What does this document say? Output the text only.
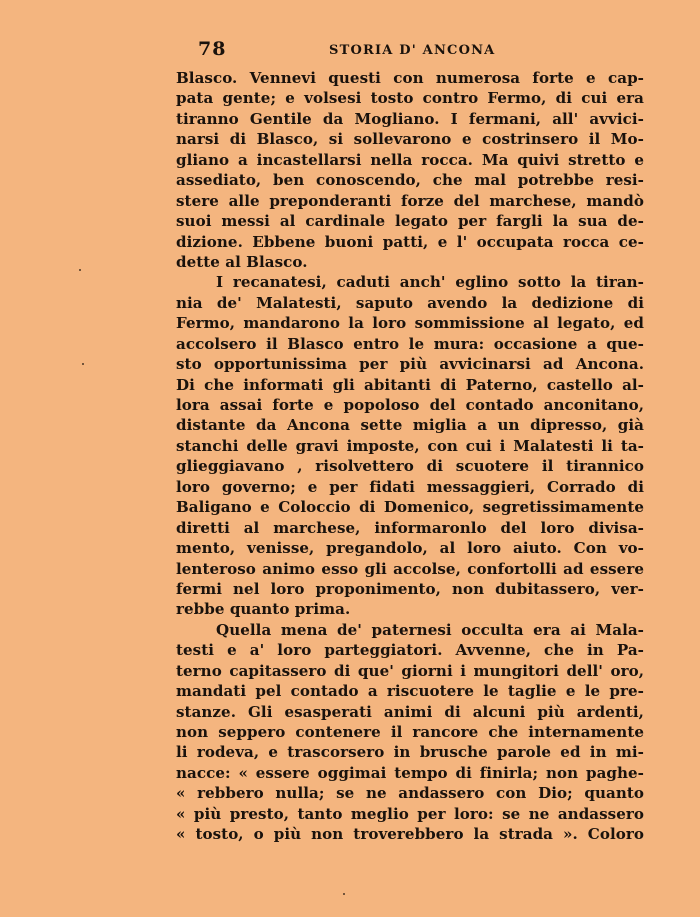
78	STORIA D' ANCONA
Blasco. Vennevi questi con numerosa forte e cap-
pata gente; e volsesi tosto contro Fermo, di cui era
tiranno Gentile da Mogliano. I fermani, all' avvici-
narsi di Blasco, si sollevarono e costrinsero il Mo-
gliano a incastellarsi nella rocca. Ma quivi stretto e
assediato, ben conoscendo, che mal potrebbe resi-
stere alle preponderanti forze del marchese, mandò
suoi messi al cardinale legato per fargli la sua de-
dizione. Ebbene buoni patti, e l' occupata rocca ce-
dette al Blasco.
I recanatesi, caduti anch' eglino sotto la tiran-
nia de' Malatesti, saputo avendo la dedizione di
Fermo, mandarono la loro sommissione al legato, ed
accolsero il Blasco entro le mura: occasione a que-
sto opportunissima per più avvicinarsi ad Ancona.
Di che informati gli abitanti di Paterno, castello al-
lora assai forte e popoloso del contado anconitano,
distante da Ancona sette miglia a un dipresso, già
stanchi delle gravi imposte, con cui i Malatesti li ta-
glieggiavano , risolvettero di scuotere il tirannico
loro governo; e per fidati messaggieri, Corrado di
Baligano e Coloccio di Domenico, segretissimamente
diretti al marchese, informaronlo del loro divisa-
mento, venisse, pregandolo, al loro aiuto. Con vo-
lenteroso animo esso gli accolse, confortolli ad essere
fermi nel loro proponimento, non dubitassero, ver-
rebbe quanto prima.
Quella mena de' paternesi occulta era ai Mala-
testi e a' loro parteggiatori. Avvenne, che in Pa-
terno capitassero di que' giorni i mungitori dell' oro,
mandati pel contado a riscuotere le taglie e le pre-
stanze. Gli esasperati animi di alcuni più ardenti,
non seppero contenere il rancore che internamente
li rodeva, e trascorsero in brusche parole ed in mi-
nacce: « essere oggimai tempo di finirla; non paghe-
« rebbero nulla; se ne andassero con Dio; quanto
« più presto, tanto meglio per loro: se ne andassero
« tosto, o più non troverebbero la strada ». Coloro
